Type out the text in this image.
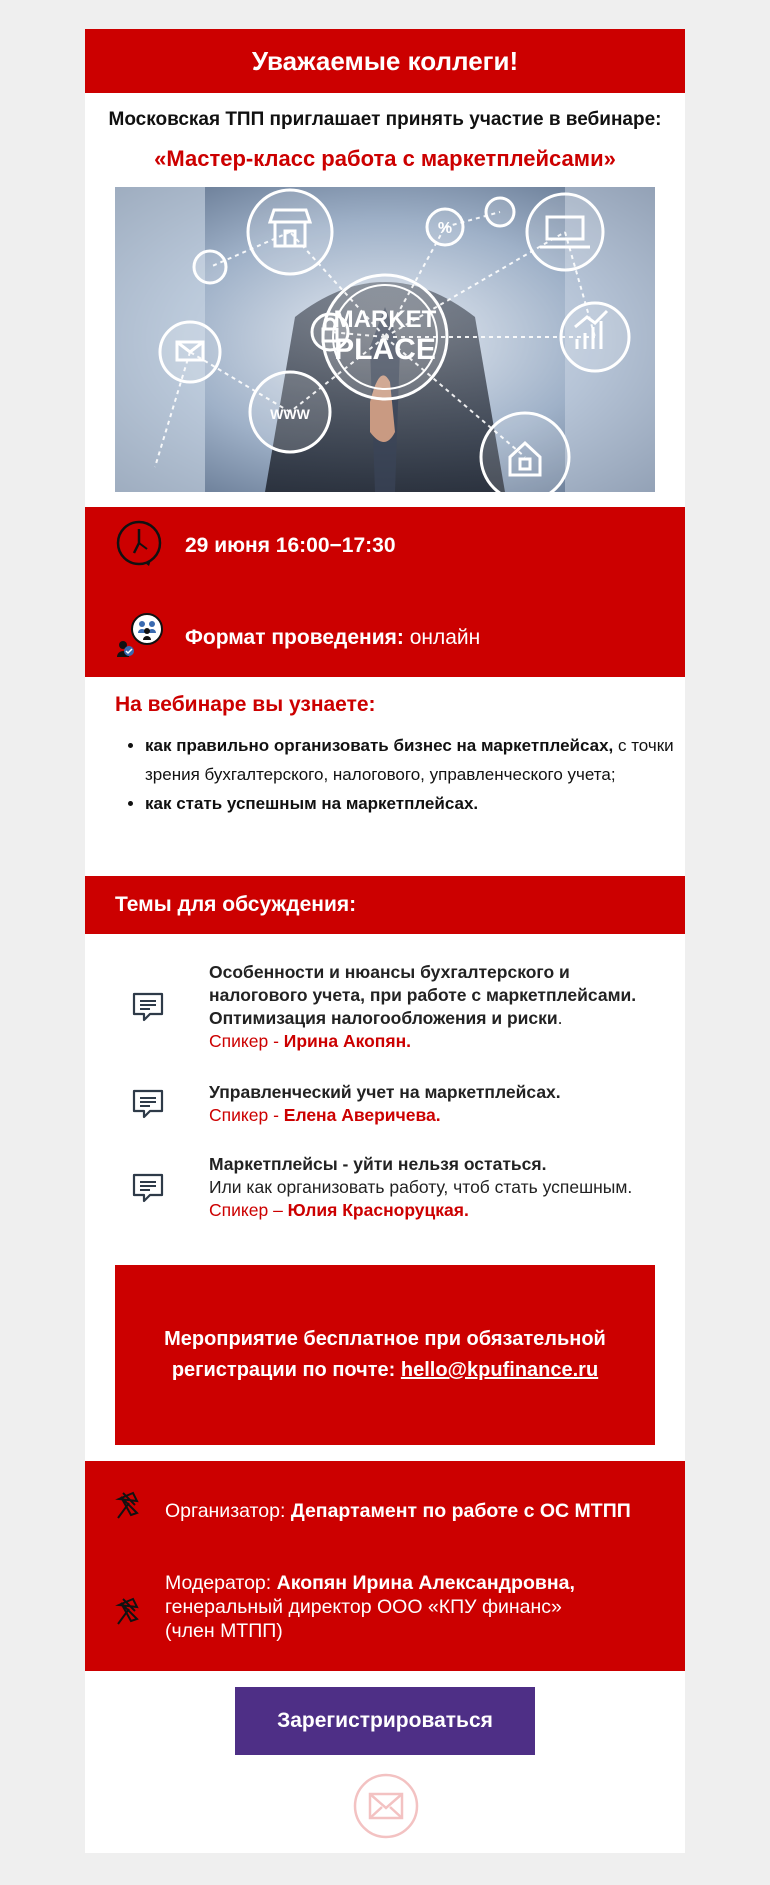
Уважаемые коллеги!
Московская ТПП приглашает принять участие в вебинаре:
«Мастер-класс работа с маркетплейсами»
MARKET
PLACE
WWW
%
29 июня 16:00−17:30
Формат проведения: онлайн
На вебинаре вы узнаете:
• как правильно организовать бизнес на маркетплейсах, с точки зрения бухгалтерского, налогового, управленческого учета;
• как стать успешным на маркетплейсах.
Темы для обсуждения:
Особенности и нюансы бухгалтерского и налогового учета, при работе с маркетплейсами. Оптимизация налогообложения и риски.
Спикер - Ирина Акопян.
Управленческий учет на маркетплейсах.
Спикер - Елена Аверичева.
Маркетплейсы - уйти нельзя остаться.
Или как организовать работу, чтоб стать успешным.
Спикер – Юлия Красноруцкая.
Мероприятие бесплатное при обязательной регистрации по почте: hello@kpufinance.ru
Организатор: Департамент по работе с ОС МТПП
Модератор: Акопян Ирина Александровна,
генеральный директор ООО «КПУ финанс»
(член МТПП)
Зарегистрироваться
